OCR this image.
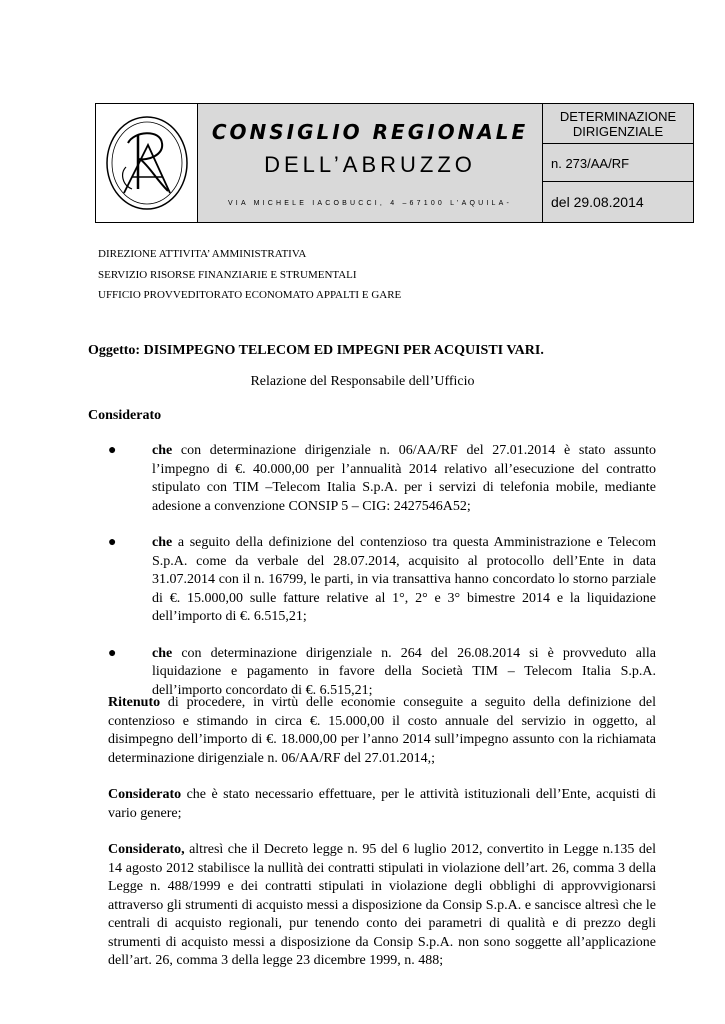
CONSIGLIO REGIONALE
DELL’ABRUZZO
VIA MICHELE IACOBUCCI, 4 –67100 L’AQUILA-
DETERMINAZIONE
DIRIGENZIALE
n. 273/AA/RF
del 29.08.2014
DIREZIONE ATTIVITA’ AMMINISTRATIVA
SERVIZIO RISORSE FINANZIARIE E STRUMENTALI
UFFICIO PROVVEDITORATO ECONOMATO APPALTI E GARE
Oggetto: DISIMPEGNO TELECOM ED IMPEGNI PER ACQUISTI VARI.
Relazione del Responsabile dell’Ufficio
Considerato
●	che con determinazione dirigenziale n. 06/AA/RF del 27.01.2014 è stato assunto l’impegno di €. 40.000,00 per l’annualità 2014 relativo all’esecuzione del contratto stipulato con TIM –Telecom Italia S.p.A. per i servizi di telefonia mobile, mediante adesione a convenzione CONSIP 5 – CIG: 2427546A52;
●	che a seguito della definizione del contenzioso tra questa Amministrazione e Telecom S.p.A. come da verbale del 28.07.2014, acquisito al protocollo dell’Ente in data 31.07.2014 con il n. 16799, le parti, in via transattiva hanno concordato lo storno parziale di €. 15.000,00 sulle fatture relative al 1°, 2° e 3° bimestre 2014 e la liquidazione dell’importo di €. 6.515,21;
●	che con determinazione dirigenziale n. 264 del 26.08.2014 si è provveduto alla liquidazione e pagamento in favore della Società TIM – Telecom Italia S.p.A. dell’importo concordato di €. 6.515,21;
Ritenuto di procedere, in virtù delle economie conseguite a seguito della definizione del contenzioso e stimando in circa €. 15.000,00 il costo annuale del servizio in oggetto, al disimpegno dell’importo di €. 18.000,00 per l’anno 2014 sull’impegno assunto con la richiamata determinazione dirigenziale n. 06/AA/RF del 27.01.2014,;
Considerato che è stato necessario effettuare, per le attività istituzionali dell’Ente, acquisti di vario genere;
Considerato, altresì che il Decreto legge n. 95 del 6 luglio 2012, convertito in Legge n.135 del 14 agosto 2012 stabilisce la nullità dei contratti stipulati in violazione dell’art. 26, comma 3 della Legge n. 488/1999 e dei contratti stipulati in violazione degli obblighi di approvvigionarsi attraverso gli strumenti di acquisto messi a disposizione da Consip S.p.A. e sancisce altresì che le centrali di acquisto regionali, pur tenendo conto dei parametri di qualità e di prezzo degli strumenti di acquisto messi a disposizione da Consip S.p.A. non sono soggette all’applicazione dell’art. 26, comma 3 della legge 23 dicembre 1999, n. 488;
